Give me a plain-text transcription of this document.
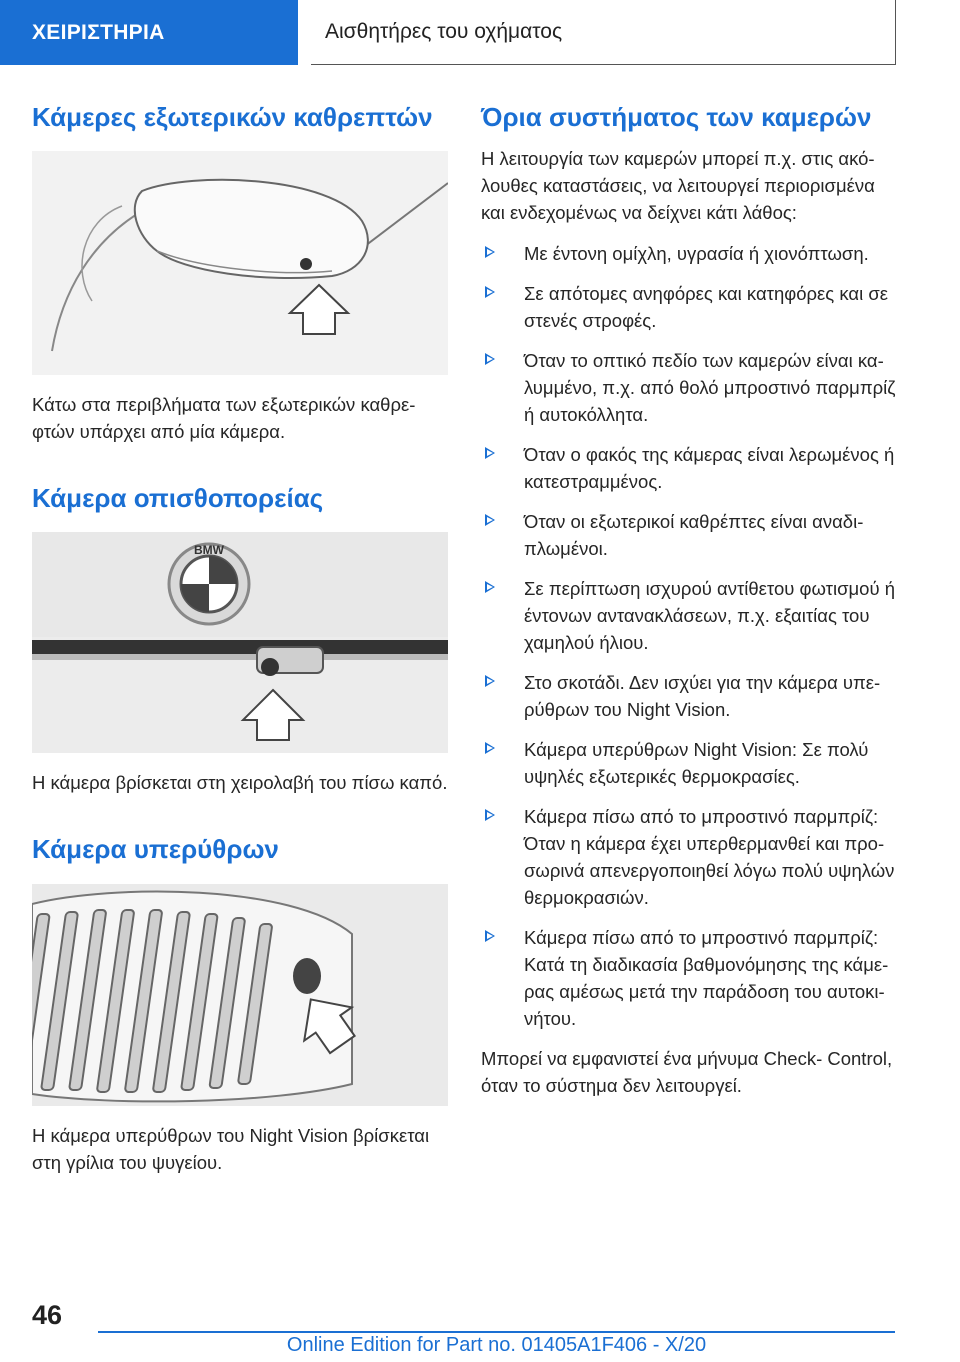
ΧΕΙΡΙΣΤΗΡΙΑ	Αισθητήρες του οχήματος
Κάμερες εξωτερικών καθρεπτών

Κάτω στα περιβλήματα των εξωτερικών καθρε‐ φτών υπάρχει από μία κάμερα.

Κάμερα οπισθοπορείας
BMW

Η κάμερα βρίσκεται στη χειρολαβή του πίσω καπό.

Κάμερα υπερύθρων

Η κάμερα υπερύθρων του Night Vision βρίσκεται στη γρίλια του ψυγείου.

Όρια συστήματος των καμερών

Η λειτουργία των καμερών μπορεί π.χ. στις ακό‐ λουθες καταστάσεις, να λειτουργεί περιορισμένα και ενδεχομένως να δείχνει κάτι λάθος:

Με έντονη ομίχλη, υγρασία ή χιονόπτωση.
Σε απότομες ανηφόρες και κατηφόρες και σε στενές στροφές.
Όταν το οπτικό πεδίο των καμερών είναι κα‐ λυμμένο, π.χ. από θολό μπροστινό παρμπρίζ ή αυτοκόλλητα.
Όταν ο φακός της κάμερας είναι λερωμένος ή κατεστραμμένος.
Όταν οι εξωτερικοί καθρέπτες είναι αναδι‐ πλωμένοι.
Σε περίπτωση ισχυρού αντίθετου φωτισμού ή έντονων αντανακλάσεων, π.χ. εξαιτίας του χαμηλού ήλιου.
Στο σκοτάδι. Δεν ισχύει για την κάμερα υπε‐ ρύθρων του Night Vision.
Κάμερα υπερύθρων Night Vision: Σε πολύ υψηλές εξωτερικές θερμοκρασίες.
Κάμερα πίσω από το μπροστινό παρμπρίζ: Όταν η κάμερα έχει υπερθερμανθεί και προ‐ σωρινά απενεργοποιηθεί λόγω πολύ υψηλών θερμοκρασιών.
Κάμερα πίσω από το μπροστινό παρμπρίζ: Κατά τη διαδικασία βαθμονόμησης της κάμε‐ ρας αμέσως μετά την παράδοση του αυτοκι‐ νήτου.

Μπορεί να εμφανιστεί ένα μήνυμα Check- Control, όταν το σύστημα δεν λειτουργεί.

46
Online Edition for Part no. 01405A1F406 - X/20
